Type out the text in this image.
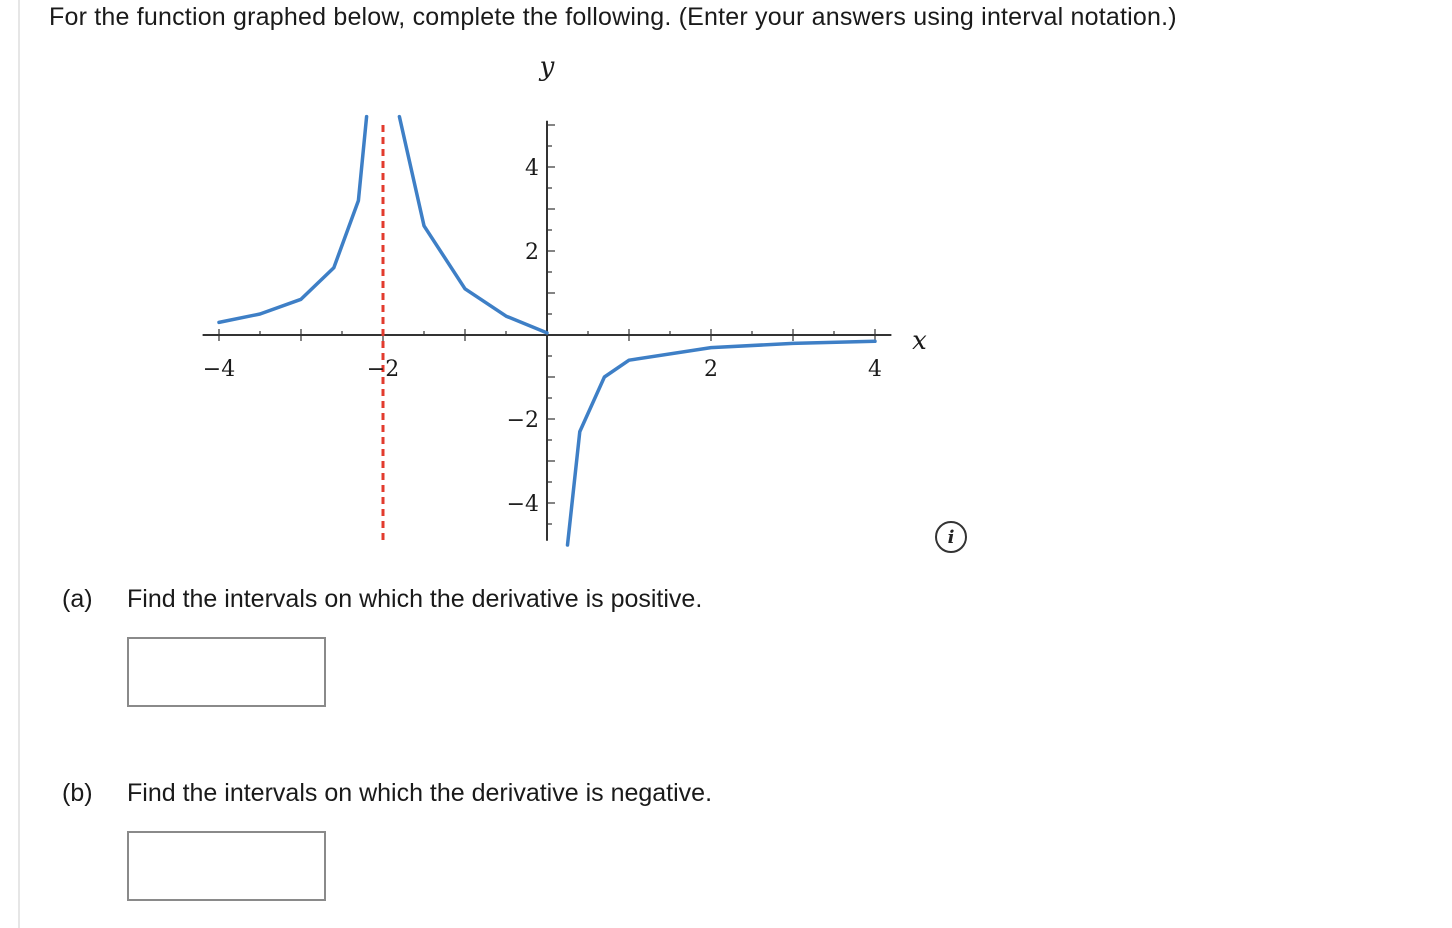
For the function graphed below, complete the following. (Enter your answers using interval notation.)
−4	−2	2	4
4
2
−2
−4
x
y
i
(a) Find the intervals on which the derivative is positive.
(b) Find the intervals on which the derivative is negative.
